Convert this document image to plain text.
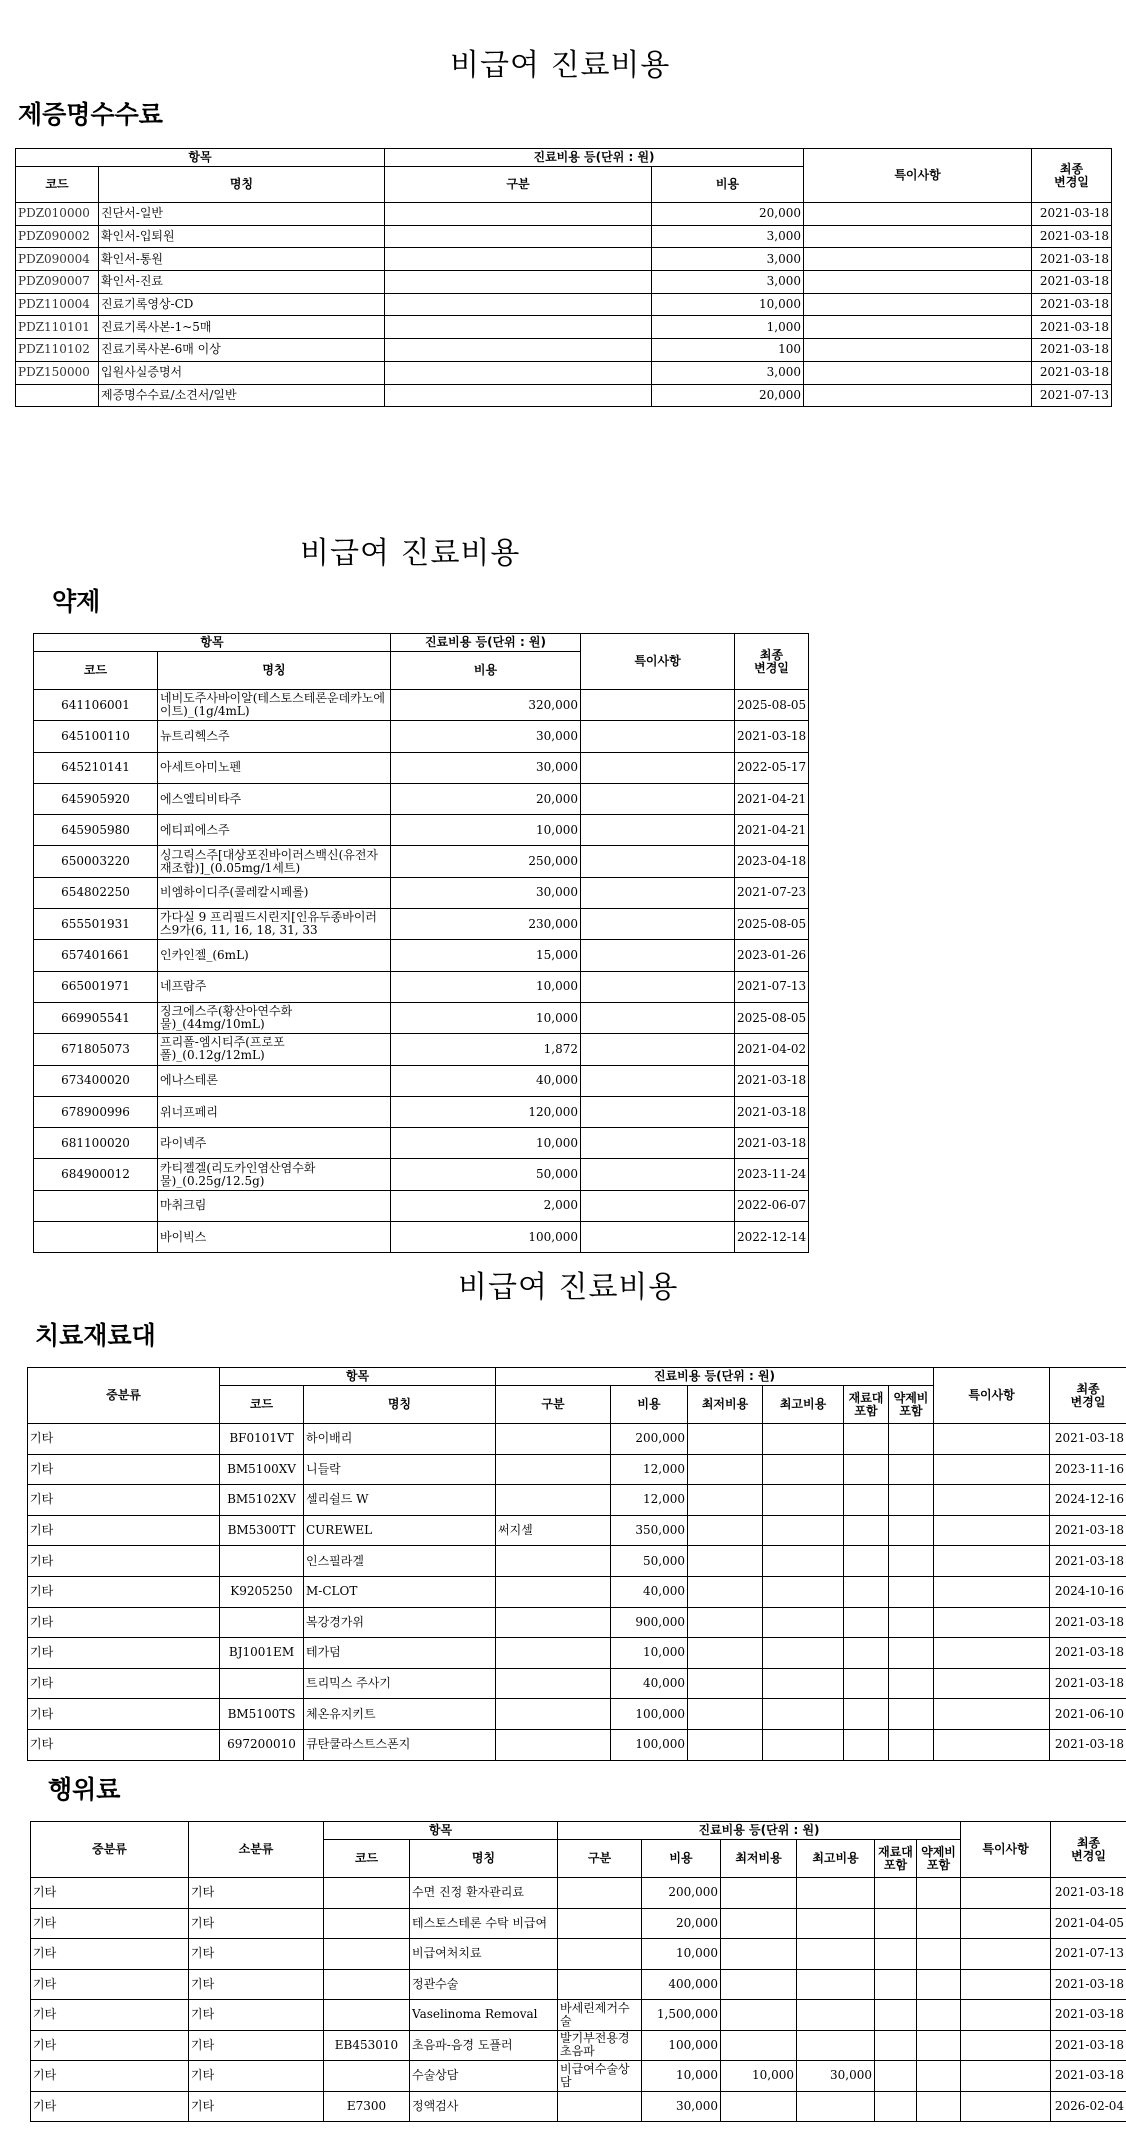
비급여 진료비용
제증명수수료
항목		진료비용 등(단위 : 원)		특이사항	최종
변경일
코드	명칭	구분	비용		
PDZ010000	진단서-일반		20,000		2021-03-18
PDZ090002	확인서-입퇴원		3,000		2021-03-18
PDZ090004	확인서-통원		3,000		2021-03-18
PDZ090007	확인서-진료		3,000		2021-03-18
PDZ110004	진료기록영상-CD		10,000		2021-03-18
PDZ110101	진료기록사본-1~5매		1,000		2021-03-18
PDZ110102	진료기록사본-6매 이상		100		2021-03-18
PDZ150000	입원사실증명서		3,000		2021-03-18
	제증명수수료/소견서/일반		20,000		2021-07-13
비급여 진료비용
약제
항목		진료비용 등(단위 : 원)	특이사항	최종
변경일
코드	명칭	비용		
641106001	네비도주사바이알(테스토스테론운데카노에이트)_(1g/4mL)	320,000		2025-08-05
645100110	뉴트리헥스주	30,000		2021-03-18
645210141	아세트아미노펜	30,000		2022-05-17
645905920	에스엘티비타주	20,000		2021-04-21
645905980	에티피에스주	10,000		2021-04-21
650003220	싱그릭스주[대상포진바이러스백신(유전자재조합)]_(0.05mg/1세트)	250,000		2023-04-18
654802250	비엠하이디주(콜레칼시페롤)	30,000		2021-07-23
655501931	가다실 9 프리필드시린지[인유두종바이러스9가(6, 11, 16, 18, 31, 33	230,000		2025-08-05
657401661	인카인젤_(6mL)	15,000		2023-01-26
665001971	네프람주	10,000		2021-07-13
669905541	징크에스주(황산아연수화물)_(44mg/10mL)	10,000		2025-08-05
671805073	프리폴-엠시티주(프로포폴)_(0.12g/12mL)	1,872		2021-04-02
673400020	에나스테론	40,000		2021-03-18
678900996	위너프페리	120,000		2021-03-18
681100020	라이넥주	10,000		2021-03-18
684900012	카티젤겔(리도카인염산염수화물)_(0.25g/12.5g)	50,000		2023-11-24
	마취크림	2,000		2022-06-07
	바이빅스	100,000		2022-12-14
비급여 진료비용
치료재료대
중분류	항목		진료비용 등(단위 : 원)						특이사항	최종
변경일
	코드	명칭	구분	비용	최저비용	최고비용	재료대
포함	약제비
포함		
기타	BF0101VT	하이배리		200,000						2021-03-18
기타	BM5100XV	니들락		12,000						2023-11-16
기타	BM5102XV	셀리쉴드 W		12,000						2024-12-16
기타	BM5300TT	CUREWEL	써지셀	350,000						2021-03-18
기타		인스필라겔		50,000						2021-03-18
기타	K9205250	M-CLOT		40,000						2024-10-16
기타		복강경가위		900,000						2021-03-18
기타	BJ1001EM	테가덤		10,000						2021-03-18
기타		트리믹스 주사기		40,000						2021-03-18
기타	BM5100TS	체온유지키트		100,000						2021-06-10
기타	697200010	큐탄쿨라스트스폰지		100,000						2021-03-18
행위료
중분류	소분류	항목		진료비용 등(단위 : 원)						특이사항	최종
변경일
		코드	명칭	구분	비용	최저비용	최고비용	재료대
포함	약제비
포함		
기타	기타		수면 진정 환자관리료		200,000						2021-03-18
기타	기타		테스토스테론 수탁 비급여		20,000						2021-04-05
기타	기타		비급여처치료		10,000						2021-07-13
기타	기타		정관수술		400,000						2021-03-18
기타	기타		Vaselinoma Removal	바세린제거수술	1,500,000						2021-03-18
기타	기타	EB453010	초음파-음경 도플러	발기부전용경초음파	100,000						2021-03-18
기타	기타		수술상담	비급여수술상담	10,000	10,000	30,000				2021-03-18
기타	기타	E7300	정액검사		30,000						2026-02-04
